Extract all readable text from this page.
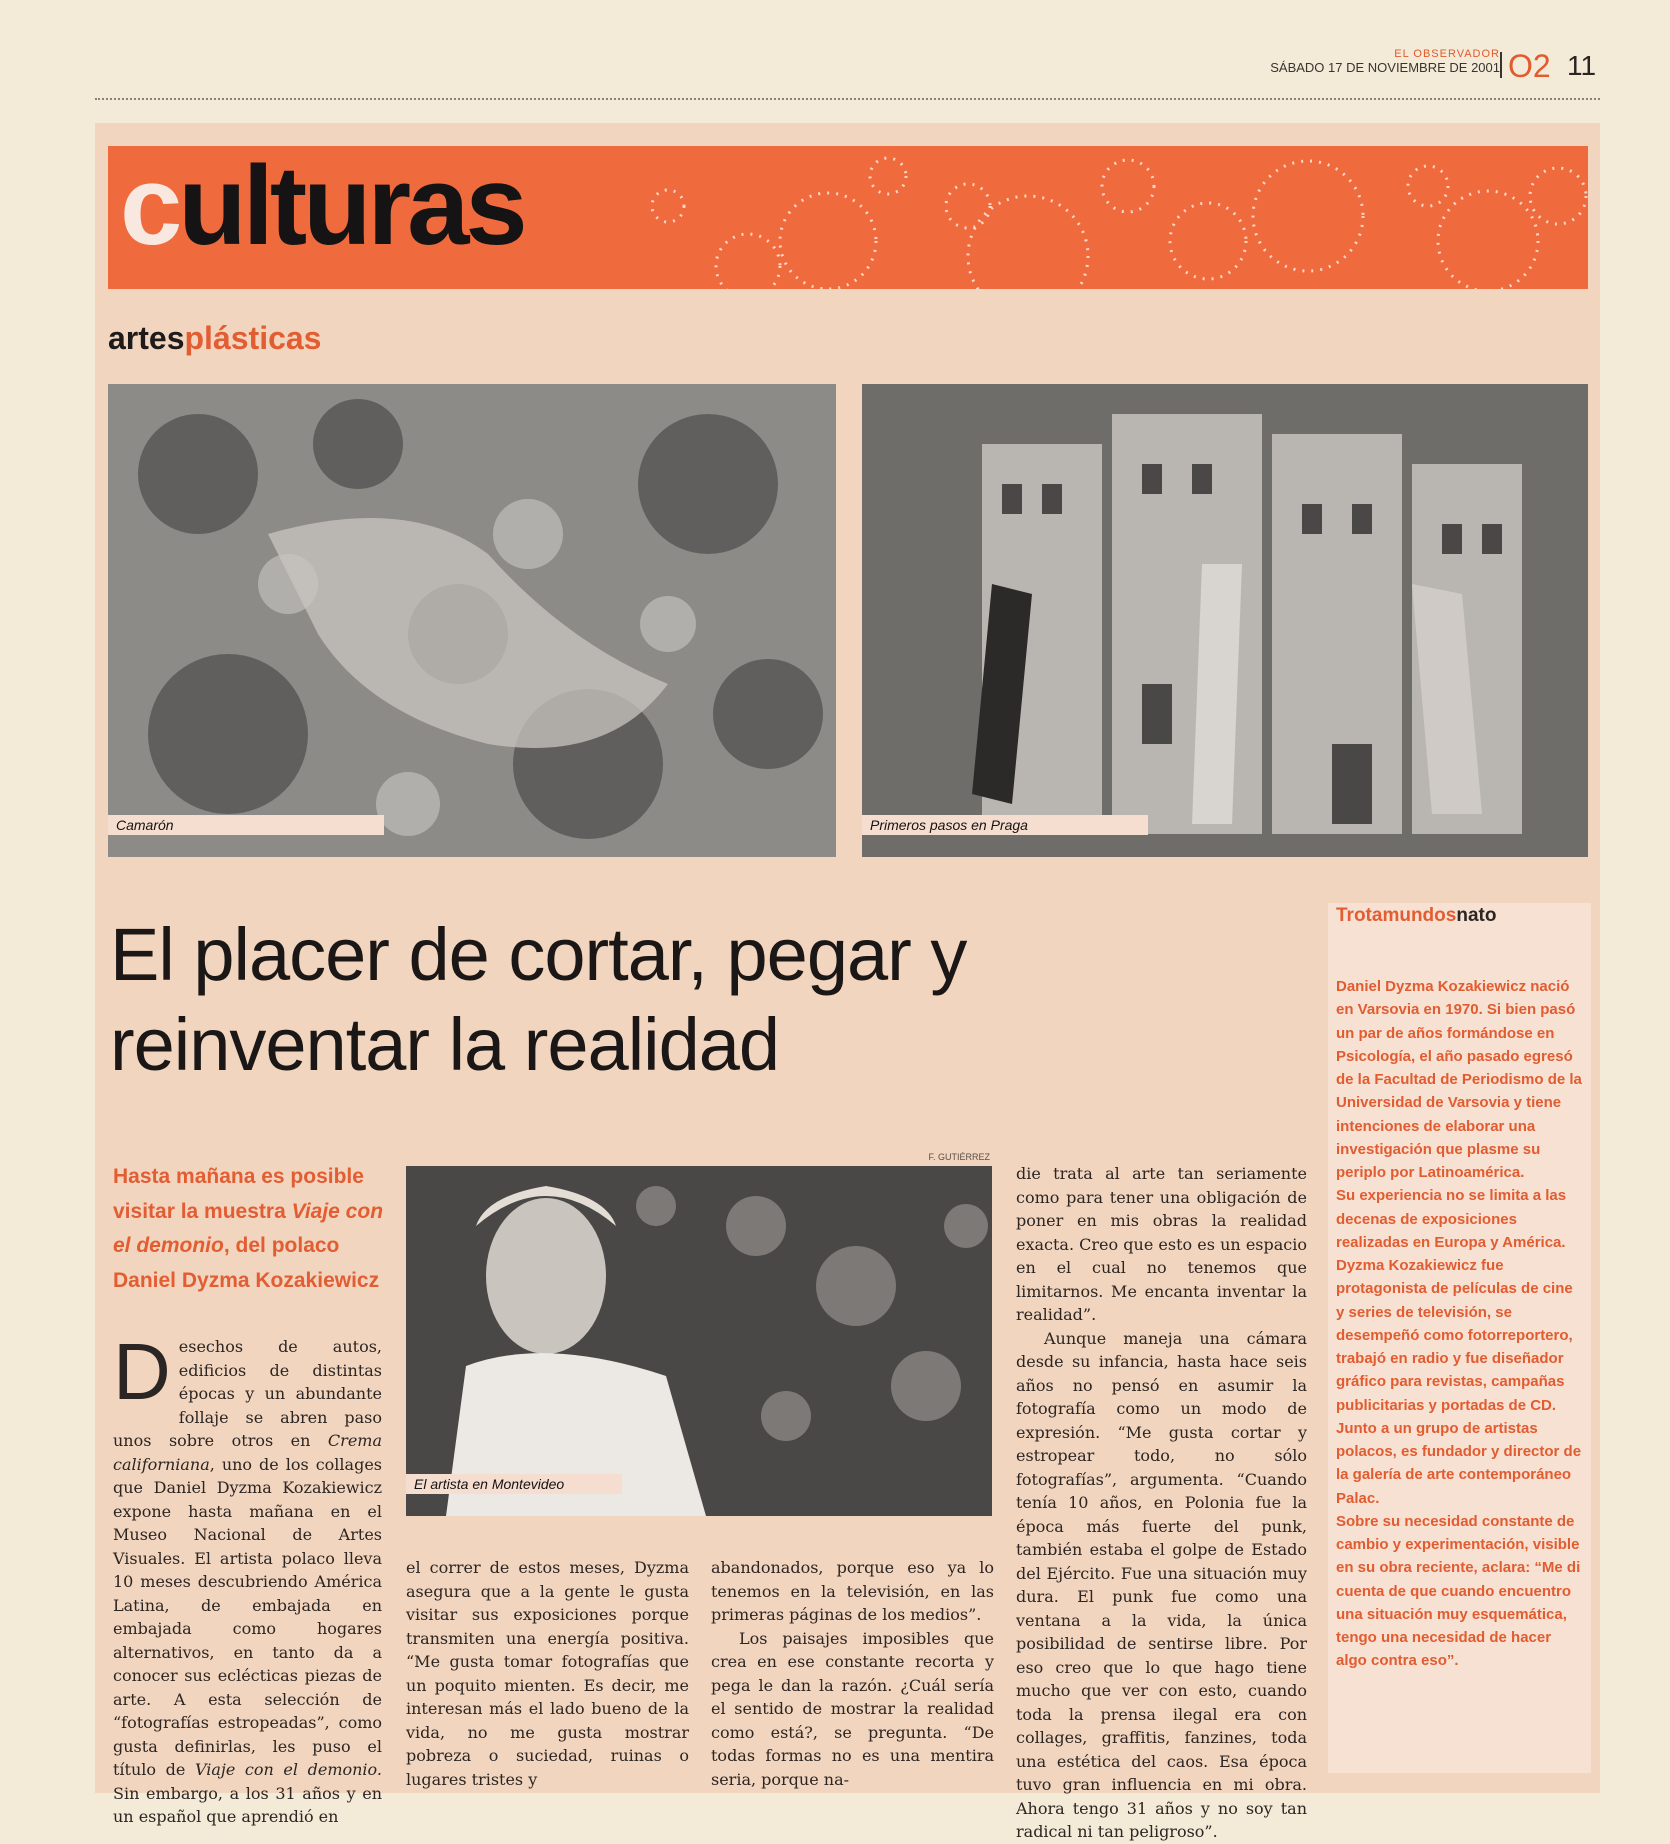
EL OBSERVADOR
SÁBADO 17 DE NOVIEMBRE DE 2001 O2 11
culturas
artesplásticas
Camarón	Primeros pasos en Praga
El placer de cortar, pegar y
reinventar la realidad
Hasta mañana es posible visitar la muestra Viaje con el demonio, del polaco Daniel Dyzma Kozakiewicz
F. GUTIÉRREZ
El artista en Montevideo

Desechos de autos, edificios de distintas épocas y un abundante follaje se abren paso unos sobre otros en Crema californiana, uno de los collages que Daniel Dyzma Kozakiewicz expone hasta mañana en el Museo Nacional de Artes Visuales. El artista polaco lleva 10 meses descubriendo América Latina, de embajada en embajada como hogares alternativos, en tanto da a conocer sus eclécticas piezas de arte. A esta selección de “fotografías estropeadas”, como gusta definirlas, les puso el título de Viaje con el demonio. Sin embargo, a los 31 años y en un español que aprendió en

el correr de estos meses, Dyzma asegura que a la gente le gusta visitar sus exposiciones porque transmiten una energía positiva. “Me gusta tomar fotografías que un poquito mienten. Es decir, me interesan más el lado bueno de la vida, no me gusta mostrar pobreza o suciedad, ruinas o lugares tristes y

abandonados, porque eso ya lo tenemos en la televisión, en las primeras páginas de los medios”.

Los paisajes imposibles que crea en ese constante recorta y pega le dan la razón. ¿Cuál sería el sentido de mostrar la realidad como está?, se pregunta. “De todas formas no es una mentira seria, porque na-

die trata al arte tan seriamente como para tener una obligación de poner en mis obras la realidad exacta. Creo que esto es un espacio en el cual no tenemos que limitarnos. Me encanta inventar la realidad”.

Aunque maneja una cámara desde su infancia, hasta hace seis años no pensó en asumir la fotografía como un modo de expresión. “Me gusta cortar y estropear todo, no sólo fotografías”, argumenta. “Cuando tenía 10 años, en Polonia fue la época más fuerte del punk, también estaba el golpe de Estado del Ejército. Fue una situación muy dura. El punk fue como una ventana a la vida, la única posibilidad de sentirse libre. Por eso creo que lo que hago tiene mucho que ver con esto, cuando toda la prensa ilegal era con collages, graffitis, fanzines, toda una estética del caos. Esa época tuvo gran influencia en mi obra. Ahora tengo 31 años y no soy tan radical ni tan peligroso”.

Trotamundosnato

Daniel Dyzma Kozakiewicz nació en Varsovia en 1970. Si bien pasó un par de años formándose en Psicología, el año pasado egresó de la Facultad de Periodismo de la Universidad de Varsovia y tiene intenciones de elaborar una investigación que plasme su periplo por Latinoamérica.

Su experiencia no se limita a las decenas de exposiciones realizadas en Europa y América. Dyzma Kozakiewicz fue protagonista de películas de cine y series de televisión, se desempeñó como fotorreportero, trabajó en radio y fue diseñador gráfico para revistas, campañas publicitarias y portadas de CD. Junto a un grupo de artistas polacos, es fundador y director de la galería de arte contemporáneo Palac.

Sobre su necesidad constante de cambio y experimentación, visible en su obra reciente, aclara: “Me di cuenta de que cuando encuentro una situación muy esquemática, tengo una necesidad de hacer algo contra eso”.
